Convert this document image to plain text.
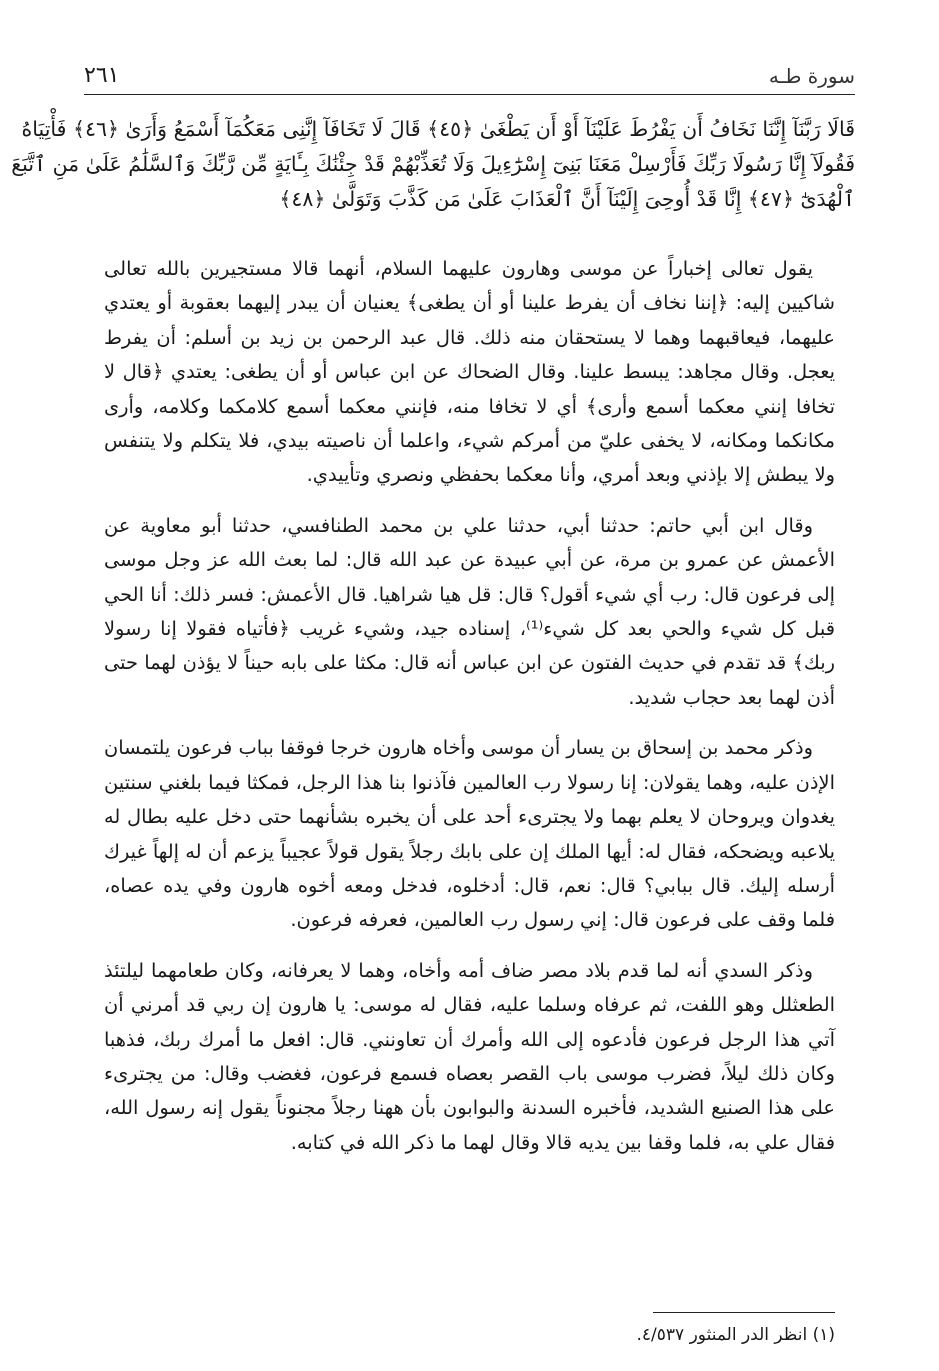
٢٦١	سورة طـه
قَالَا رَبَّنَآ إِنَّنَا نَخَافُ أَن يَفْرُطَ عَلَيْنَآ أَوْ أَن يَطْغَىٰ ﴿٤٥﴾ قَالَ لَا تَخَافَآ إِنَّنِى مَعَكُمَآ أَسْمَعُ وَأَرَىٰ ﴿٤٦﴾ فَأْتِيَاهُ
فَقُولَآ إِنَّا رَسُولَا رَبِّكَ فَأَرْسِلْ مَعَنَا بَنِىٓ إِسْرَٰٓءِيلَ وَلَا تُعَذِّبْهُمْ قَدْ جِئْنَٰكَ بِـَٔايَةٍ مِّن رَّبِّكَ وَٱلسَّلَٰمُ عَلَىٰ مَنِ ٱتَّبَعَ
ٱلْهُدَىٰٓ ﴿٤٧﴾ إِنَّا قَدْ أُوحِىَ إِلَيْنَآ أَنَّ ٱلْعَذَابَ عَلَىٰ مَن كَذَّبَ وَتَوَلَّىٰ ﴿٤٨﴾

يقول تعالى إخباراً عن موسى وهارون عليهما السلام، أنهما قالا مستجيرين بالله تعالى شاكيين إليه: ﴿إننا نخاف أن يفرط علينا أو أن يطغى﴾ يعنيان أن يبدر إليهما بعقوبة أو يعتدي عليهما، فيعاقبهما وهما لا يستحقان منه ذلك. قال عبد الرحمن بن زيد بن أسلم: أن يفرط يعجل. وقال مجاهد: يبسط علينا. وقال الضحاك عن ابن عباس أو أن يطغى: يعتدي ﴿قال لا تخافا إنني معكما أسمع وأرى﴾ أي لا تخافا منه، فإنني معكما أسمع كلامكما وكلامه، وأرى مكانكما ومكانه، لا يخفى عليّ من أمركم شيء، واعلما أن ناصيته بيدي، فلا يتكلم ولا يتنفس ولا يبطش إلا بإذني وبعد أمري، وأنا معكما بحفظي ونصري وتأييدي.

وقال ابن أبي حاتم: حدثنا أبي، حدثنا علي بن محمد الطنافسي، حدثنا أبو معاوية عن الأعمش عن عمرو بن مرة، عن أبي عبيدة عن عبد الله قال: لما بعث الله عز وجل موسى إلى فرعون قال: رب أي شيء أقول؟ قال: قل هيا شراهيا. قال الأعمش: فسر ذلك: أنا الحي قبل كل شيء والحي بعد كل شيء⁽¹⁾، إسناده جيد، وشيء غريب ﴿فأتياه فقولا إنا رسولا ربك﴾ قد تقدم في حديث الفتون عن ابن عباس أنه قال: مكثا على بابه حيناً لا يؤذن لهما حتى أذن لهما بعد حجاب شديد.

وذكر محمد بن إسحاق بن يسار أن موسى وأخاه هارون خرجا فوقفا بباب فرعون يلتمسان الإذن عليه، وهما يقولان: إنا رسولا رب العالمين فآذنوا بنا هذا الرجل، فمكثا فيما بلغني سنتين يغدوان ويروحان لا يعلم بهما ولا يجترىء أحد على أن يخبره بشأنهما حتى دخل عليه بطال له يلاعبه ويضحكه، فقال له: أيها الملك إن على بابك رجلاً يقول قولاً عجيباً يزعم أن له إلهاً غيرك أرسله إليك. قال ببابي؟ قال: نعم، قال: أدخلوه، فدخل ومعه أخوه هارون وفي يده عصاه، فلما وقف على فرعون قال: إني رسول رب العالمين، فعرفه فرعون.

وذكر السدي أنه لما قدم بلاد مصر ضاف أمه وأخاه، وهما لا يعرفانه، وكان طعامهما ليلتئذ الطعثلل وهو اللفت، ثم عرفاه وسلما عليه، فقال له موسى: يا هارون إن ربي قد أمرني أن آتي هذا الرجل فرعون فأدعوه إلى الله وأمرك أن تعاونني. قال: افعل ما أمرك ربك، فذهبا وكان ذلك ليلاً، فضرب موسى باب القصر بعصاه فسمع فرعون، فغضب وقال: من يجترىء على هذا الصنيع الشديد، فأخبره السدنة والبوابون بأن ههنا رجلاً مجنوناً يقول إنه رسول الله، فقال علي به، فلما وقفا بين يديه قالا وقال لهما ما ذكر الله في كتابه.

(١) انظر الدر المنثور ٤/٥٣٧.
